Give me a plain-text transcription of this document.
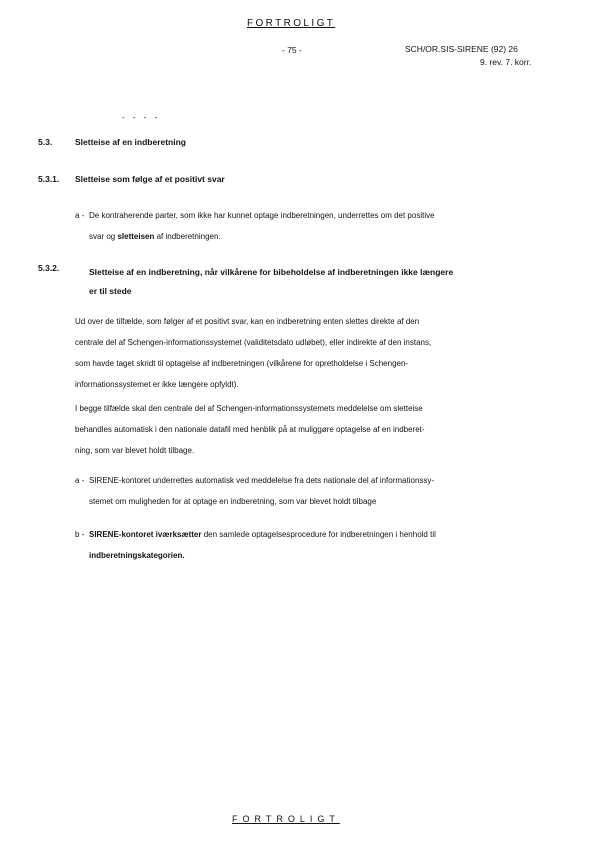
FORTROLIGT
- 75 -	SCH/OR.SIS-SIRENE (92) 26
9. rev. 7. korr.
- - - -
5.3.	Sletteise af en indberetning
5.3.1. Sletteise som følge af et positivt svar
a - De kontraherende parter, som ikke har kunnet optage indberetningen, underrettes om det positive
svar og sletteisen af indberetningen.
5.3.2.	Sletteise af en indberetning, når vilkårene for bibeholdelse af indberetningen ikke længere
er til stede
Ud over de tilfælde, som følger af et positivt svar, kan en indberetning enten slettes direkte af den
centrale del af Schengen-informationssystemet (validitetsdato udløbet), eller indirekte af den instans,
som havde taget skridt til optagelse af indberetningen (vilkårene for opretholdelse i Schengen-
informationssystemet er ikke længere opfyldt).
I begge tilfælde skal den centrale del af Schengen-informationssystemets meddelelse om sletteise
behandles automatisk i den nationale datafil med henblik på at muliggøre optagelse af en indberet-
ning, som var blevet holdt tilbage.
a - SIRENE-kontoret underrettes automatisk ved meddelelse fra dets nationale del af informationssy-
stemet om muligheden for at optage en indberetning, som var blevet holdt tilbage
b - SIRENE-kontoret iværksætter den samlede optagelsesprocedure for indberetningen i henhold til
indberetningskategorien.
FORTROLIGT
